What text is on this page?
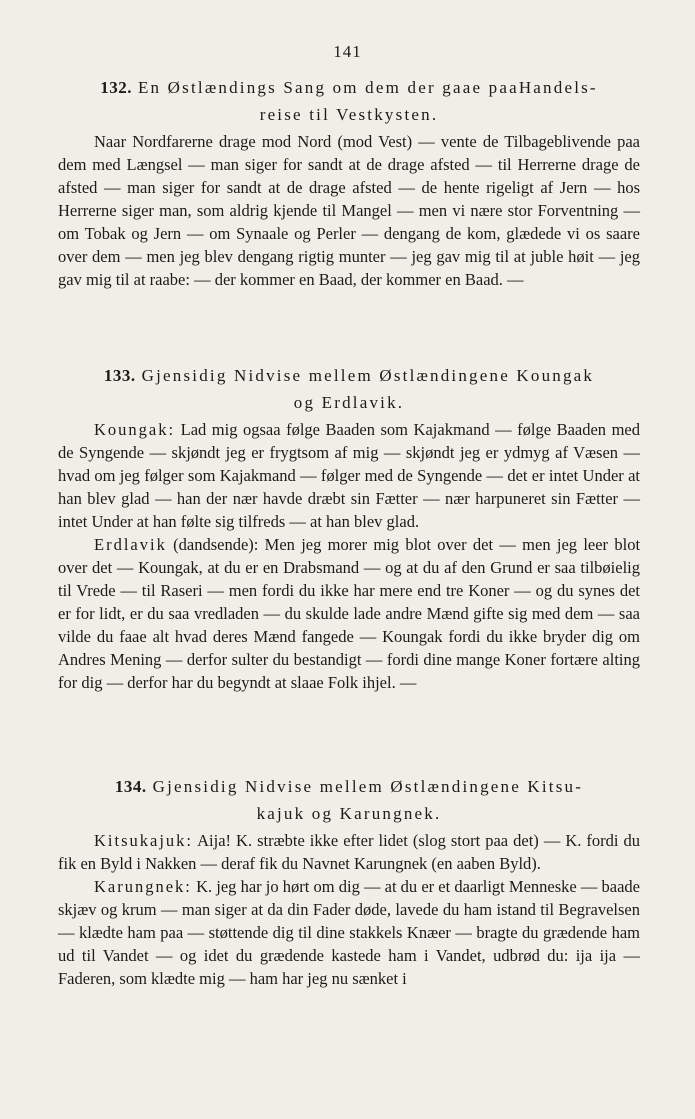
141
132. En Østlændings Sang om dem der gaae paaHandels-
reise til Vestkysten.

Naar Nordfarerne drage mod Nord (mod Vest) — vente de Tilbageblivende paa dem med Længsel — man siger for sandt at de drage afsted — til Herrerne drage de afsted — man siger for sandt at de drage afsted — de hente rigeligt af Jern — hos Herrerne siger man, som aldrig kjende til Mangel — men vi nære stor Forventning — om Tobak og Jern — om Synaale og Perler — dengang de kom, glædede vi os saare over dem — men jeg blev dengang rigtig munter — jeg gav mig til at juble høit — jeg gav mig til at raabe: — der kommer en Baad, der kommer en Baad. —

133. Gjensidig Nidvise mellem Østlændingene Koungak
og Erdlavik.

Koungak: Lad mig ogsaa følge Baaden som Kajakmand — følge Baaden med de Syngende — skjøndt jeg er frygtsom af mig — skjøndt jeg er ydmyg af Væsen — hvad om jeg følger som Kajakmand — følger med de Syngende — det er intet Under at han blev glad — han der nær havde dræbt sin Fætter — nær harpuneret sin Fætter — intet Under at han følte sig tilfreds — at han blev glad.

Erdlavik (dandsende): Men jeg morer mig blot over det — men jeg leer blot over det — Koungak, at du er en Drabsmand — og at du af den Grund er saa tilbøielig til Vrede — til Raseri — men fordi du ikke har mere end tre Koner — og du synes det er for lidt, er du saa vredladen — du skulde lade andre Mænd gifte sig med dem — saa vilde du faae alt hvad deres Mænd fangede — Koungak fordi du ikke bryder dig om Andres Mening — derfor sulter du bestandigt — fordi dine mange Koner fortære alting for dig — derfor har du begyndt at slaae Folk ihjel. —

134. Gjensidig Nidvise mellem Østlændingene Kitsu-
kajuk og Karungnek.

Kitsukajuk: Aija! K. stræbte ikke efter lidet (slog stort paa det) — K. fordi du fik en Byld i Nakken — deraf fik du Navnet Karungnek (en aaben Byld).

Karungnek: K. jeg har jo hørt om dig — at du er et daarligt Menneske — baade skjæv og krum — man siger at da din Fader døde, lavede du ham istand til Begravelsen — klædte ham paa — støttende dig til dine stakkels Knæer — bragte du grædende ham ud til Vandet — og idet du grædende kastede ham i Vandet, udbrød du: ija ija — Faderen, som klædte mig — ham har jeg nu sænket i
